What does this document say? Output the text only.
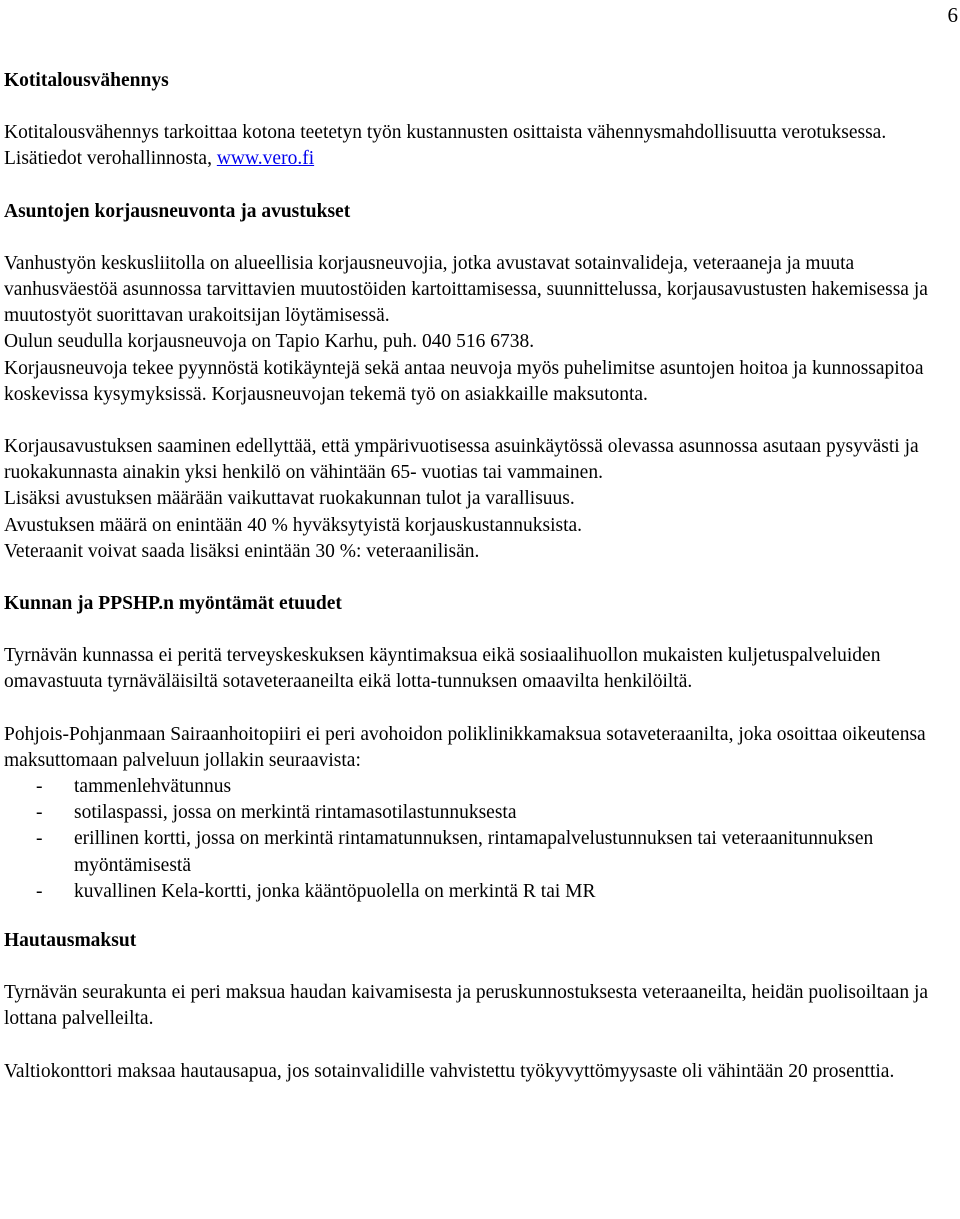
6
Kotitalousvähennys

Kotitalousvähennys tarkoittaa kotona teetetyn työn kustannusten osittaista vähennysmahdollisuutta verotuksessa. Lisätiedot verohallinnosta, www.vero.fi

Asuntojen korjausneuvonta ja avustukset

Vanhustyön keskusliitolla on alueellisia korjausneuvojia, jotka avustavat sotainvalideja, veteraaneja ja muuta vanhusväestöä asunnossa tarvittavien muutostöiden kartoittamisessa, suunnittelussa, korjausavustusten hakemisessa ja muutostyöt suorittavan urakoitsijan löytämisessä.

Oulun seudulla korjausneuvoja on Tapio Karhu, puh. 040 516 6738.

Korjausneuvoja tekee pyynnöstä kotikäyntejä sekä antaa neuvoja myös puhelimitse asuntojen hoitoa ja kunnossapitoa koskevissa kysymyksissä. Korjausneuvojan tekemä työ on asiakkaille maksutonta.

Korjausavustuksen saaminen edellyttää, että ympärivuotisessa asuinkäytössä olevassa asunnossa asutaan pysyvästi ja ruokakunnasta ainakin yksi henkilö on vähintään 65- vuotias tai vammainen.

Lisäksi avustuksen määrään vaikuttavat ruokakunnan tulot ja varallisuus.

Avustuksen määrä on enintään 40 % hyväksytyistä korjauskustannuksista.

Veteraanit voivat saada lisäksi enintään 30 %: veteraanilisän.

Kunnan ja PPSHP.n myöntämät etuudet

Tyrnävän kunnassa ei peritä terveyskeskuksen käyntimaksua eikä sosiaalihuollon mukaisten kuljetuspalveluiden omavastuuta tyrnäväläisiltä sotaveteraaneilta eikä lotta-tunnuksen omaavilta henkilöiltä.

Pohjois-Pohjanmaan Sairaanhoitopiiri ei peri avohoidon poliklinikkamaksua sotaveteraanilta, joka osoittaa oikeutensa maksuttomaan palveluun jollakin seuraavista:

- tammenlehvätunnus
- sotilaspassi, jossa on merkintä rintamasotilastunnuksesta
- erillinen kortti, jossa on merkintä rintamatunnuksen, rintamapalvelustunnuksen tai veteraanitunnuksen myöntämisestä
- kuvallinen Kela-kortti, jonka kääntöpuolella on merkintä R tai MR
Hautausmaksut

Tyrnävän seurakunta ei peri maksua haudan kaivamisesta ja peruskunnostuksesta veteraaneilta, heidän puolisoiltaan ja lottana palvelleilta.

Valtiokonttori maksaa hautausapua, jos sotainvalidille vahvistettu työkyvyttömyysaste oli vähintään 20 prosenttia.
